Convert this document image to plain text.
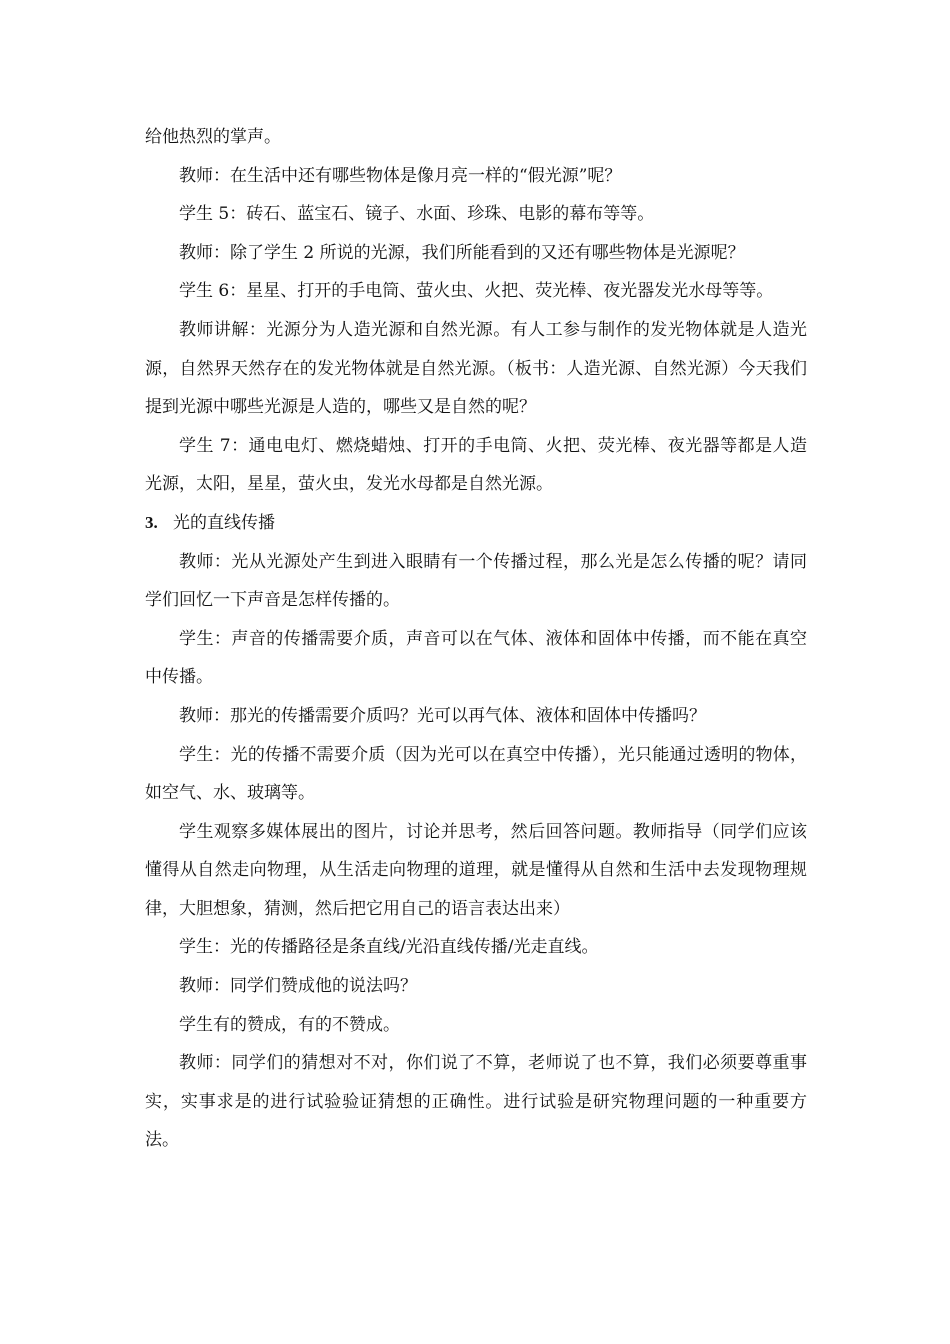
给他热烈的掌声。

教师：在生活中还有哪些物体是像月亮一样的“假光源”呢？

学生 5：砖石、蓝宝石、镜子、水面、珍珠、电影的幕布等等。

教师：除了学生 2 所说的光源，我们所能看到的又还有哪些物体是光源呢？

学生 6：星星、打开的手电筒、萤火虫、火把、荧光棒、夜光器发光水母等等。

教师讲解：光源分为人造光源和自然光源。有人工参与制作的发光物体就是人造光源，自然界天然存在的发光物体就是自然光源。（板书：人造光源、自然光源）今天我们提到光源中哪些光源是人造的，哪些又是自然的呢？

学生 7：通电电灯、燃烧蜡烛、打开的手电筒、火把、荧光棒、夜光器等都是人造光源，太阳，星星，萤火虫，发光水母都是自然光源。

3. 光的直线传播

教师：光从光源处产生到进入眼睛有一个传播过程，那么光是怎么传播的呢？请同学们回忆一下声音是怎样传播的。

学生：声音的传播需要介质，声音可以在气体、液体和固体中传播，而不能在真空中传播。

教师：那光的传播需要介质吗？光可以再气体、液体和固体中传播吗？

学生：光的传播不需要介质（因为光可以在真空中传播），光只能通过透明的物体，如空气、水、玻璃等。

学生观察多媒体展出的图片，讨论并思考，然后回答问题。教师指导（同学们应该懂得从自然走向物理，从生活走向物理的道理，就是懂得从自然和生活中去发现物理规律，大胆想象，猜测，然后把它用自己的语言表达出来）

学生：光的传播路径是条直线/光沿直线传播/光走直线。

教师：同学们赞成他的说法吗？

学生有的赞成，有的不赞成。

教师：同学们的猜想对不对，你们说了不算，老师说了也不算，我们必须要尊重事实，实事求是的进行试验验证猜想的正确性。进行试验是研究物理问题的一种重要方法。
